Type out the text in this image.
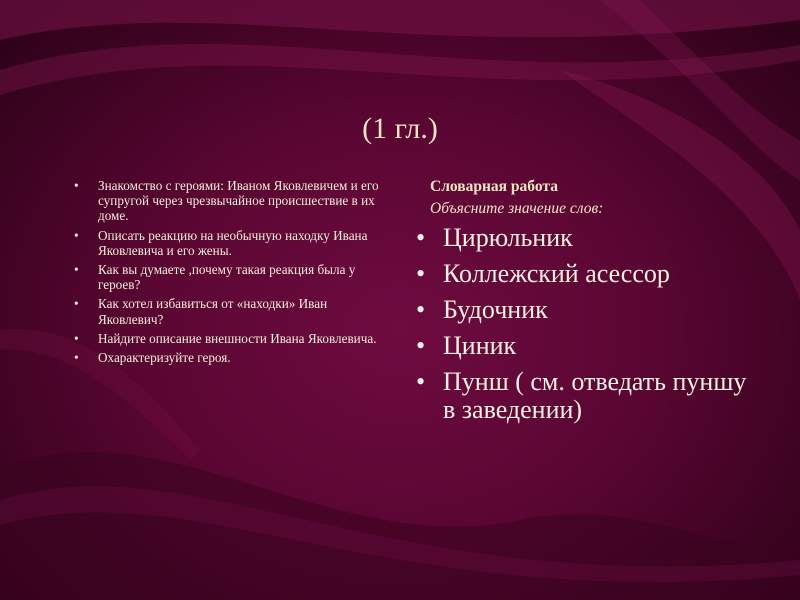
(1 гл.)
• Знакомство с героями: Иваном Яковлевичем и его супругой через чрезвычайное происшествие в их доме.
• Описать реакцию на необычную находку Ивана Яковлевича и его жены.
• Как вы думаете ,почему такая реакция была у героев?
• Как хотел избавиться от «находки» Иван Яковлевич?
• Найдите описание внешности Ивана Яковлевича.
• Охарактеризуйте героя.
Словарная работа
Объясните значение слов:
• Цирюльник
• Коллежский асессор
• Будочник
• Циник
• Пунш ( см. отведать пуншу в заведении)
